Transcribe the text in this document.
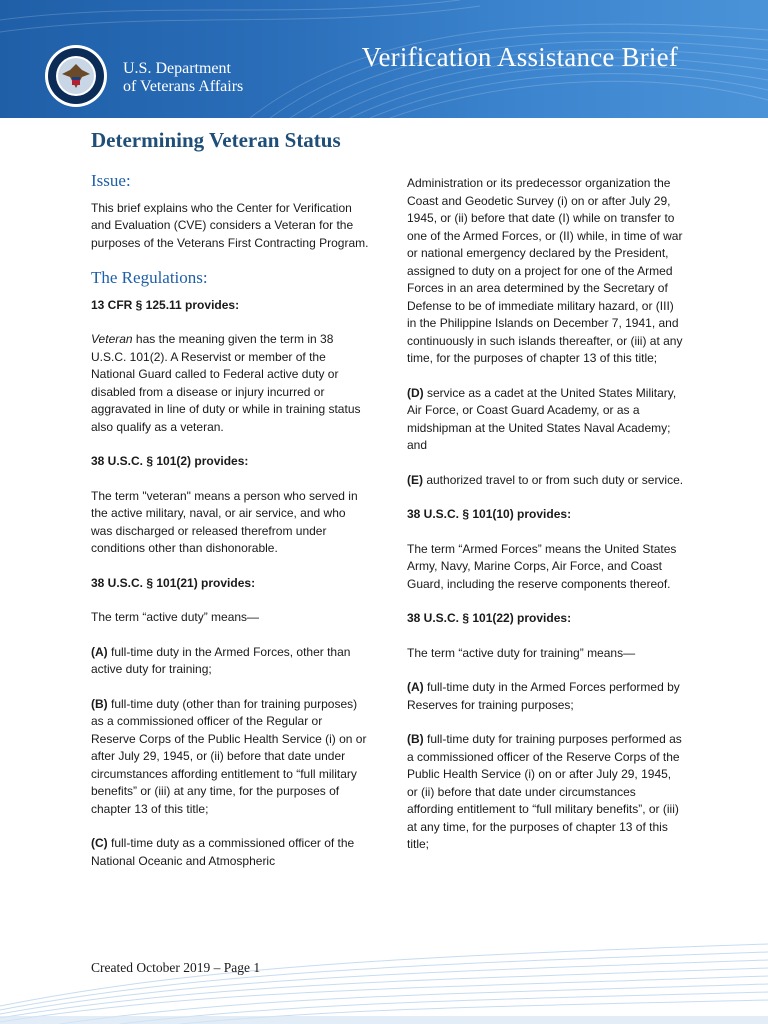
U.S. Department
of Veterans Affairs
Verification Assistance Brief
Determining Veteran Status
Issue:

This brief explains who the Center for Verification and Evaluation (CVE) considers a Veteran for the purposes of the Veterans First Contracting Program.

The Regulations:

13 CFR § 125.11 provides:

Veteran has the meaning given the term in 38 U.S.C. 101(2). A Reservist or member of the National Guard called to Federal active duty or disabled from a disease or injury incurred or aggravated in line of duty or while in training status also qualify as a veteran.

38 U.S.C. § 101(2) provides:

The term "veteran" means a person who served in the active military, naval, or air service, and who was discharged or released therefrom under conditions other than dishonorable.

38 U.S.C. § 101(21) provides:

The term “active duty” means—

(A) full-time duty in the Armed Forces, other than active duty for training;

(B) full-time duty (other than for training purposes) as a commissioned officer of the Regular or Reserve Corps of the Public Health Service (i) on or after July 29, 1945, or (ii) before that date under circumstances affording entitlement to “full military benefits” or (iii) at any time, for the purposes of chapter 13 of this title;

(C) full-time duty as a commissioned officer of the National Oceanic and Atmospheric

Administration or its predecessor organization the Coast and Geodetic Survey (i) on or after July 29, 1945, or (ii) before that date (I) while on transfer to one of the Armed Forces, or (II) while, in time of war or national emergency declared by the President, assigned to duty on a project for one of the Armed Forces in an area determined by the Secretary of Defense to be of immediate military hazard, or (III) in the Philippine Islands on December 7, 1941, and continuously in such islands thereafter, or (iii) at any time, for the purposes of chapter 13 of this title;

(D) service as a cadet at the United States Military, Air Force, or Coast Guard Academy, or as a midshipman at the United States Naval Academy; and

(E) authorized travel to or from such duty or service.

38 U.S.C. § 101(10) provides:

The term “Armed Forces” means the United States Army, Navy, Marine Corps, Air Force, and Coast Guard, including the reserve components thereof.

38 U.S.C. § 101(22) provides:

The term “active duty for training” means—

(A) full-time duty in the Armed Forces performed by Reserves for training purposes;

(B) full-time duty for training purposes performed as a commissioned officer of the Reserve Corps of the Public Health Service (i) on or after July 29, 1945, or (ii) before that date under circumstances affording entitlement to “full military benefits”, or (iii) at any time, for the purposes of chapter 13 of this title;

Created October 2019 – Page 1
